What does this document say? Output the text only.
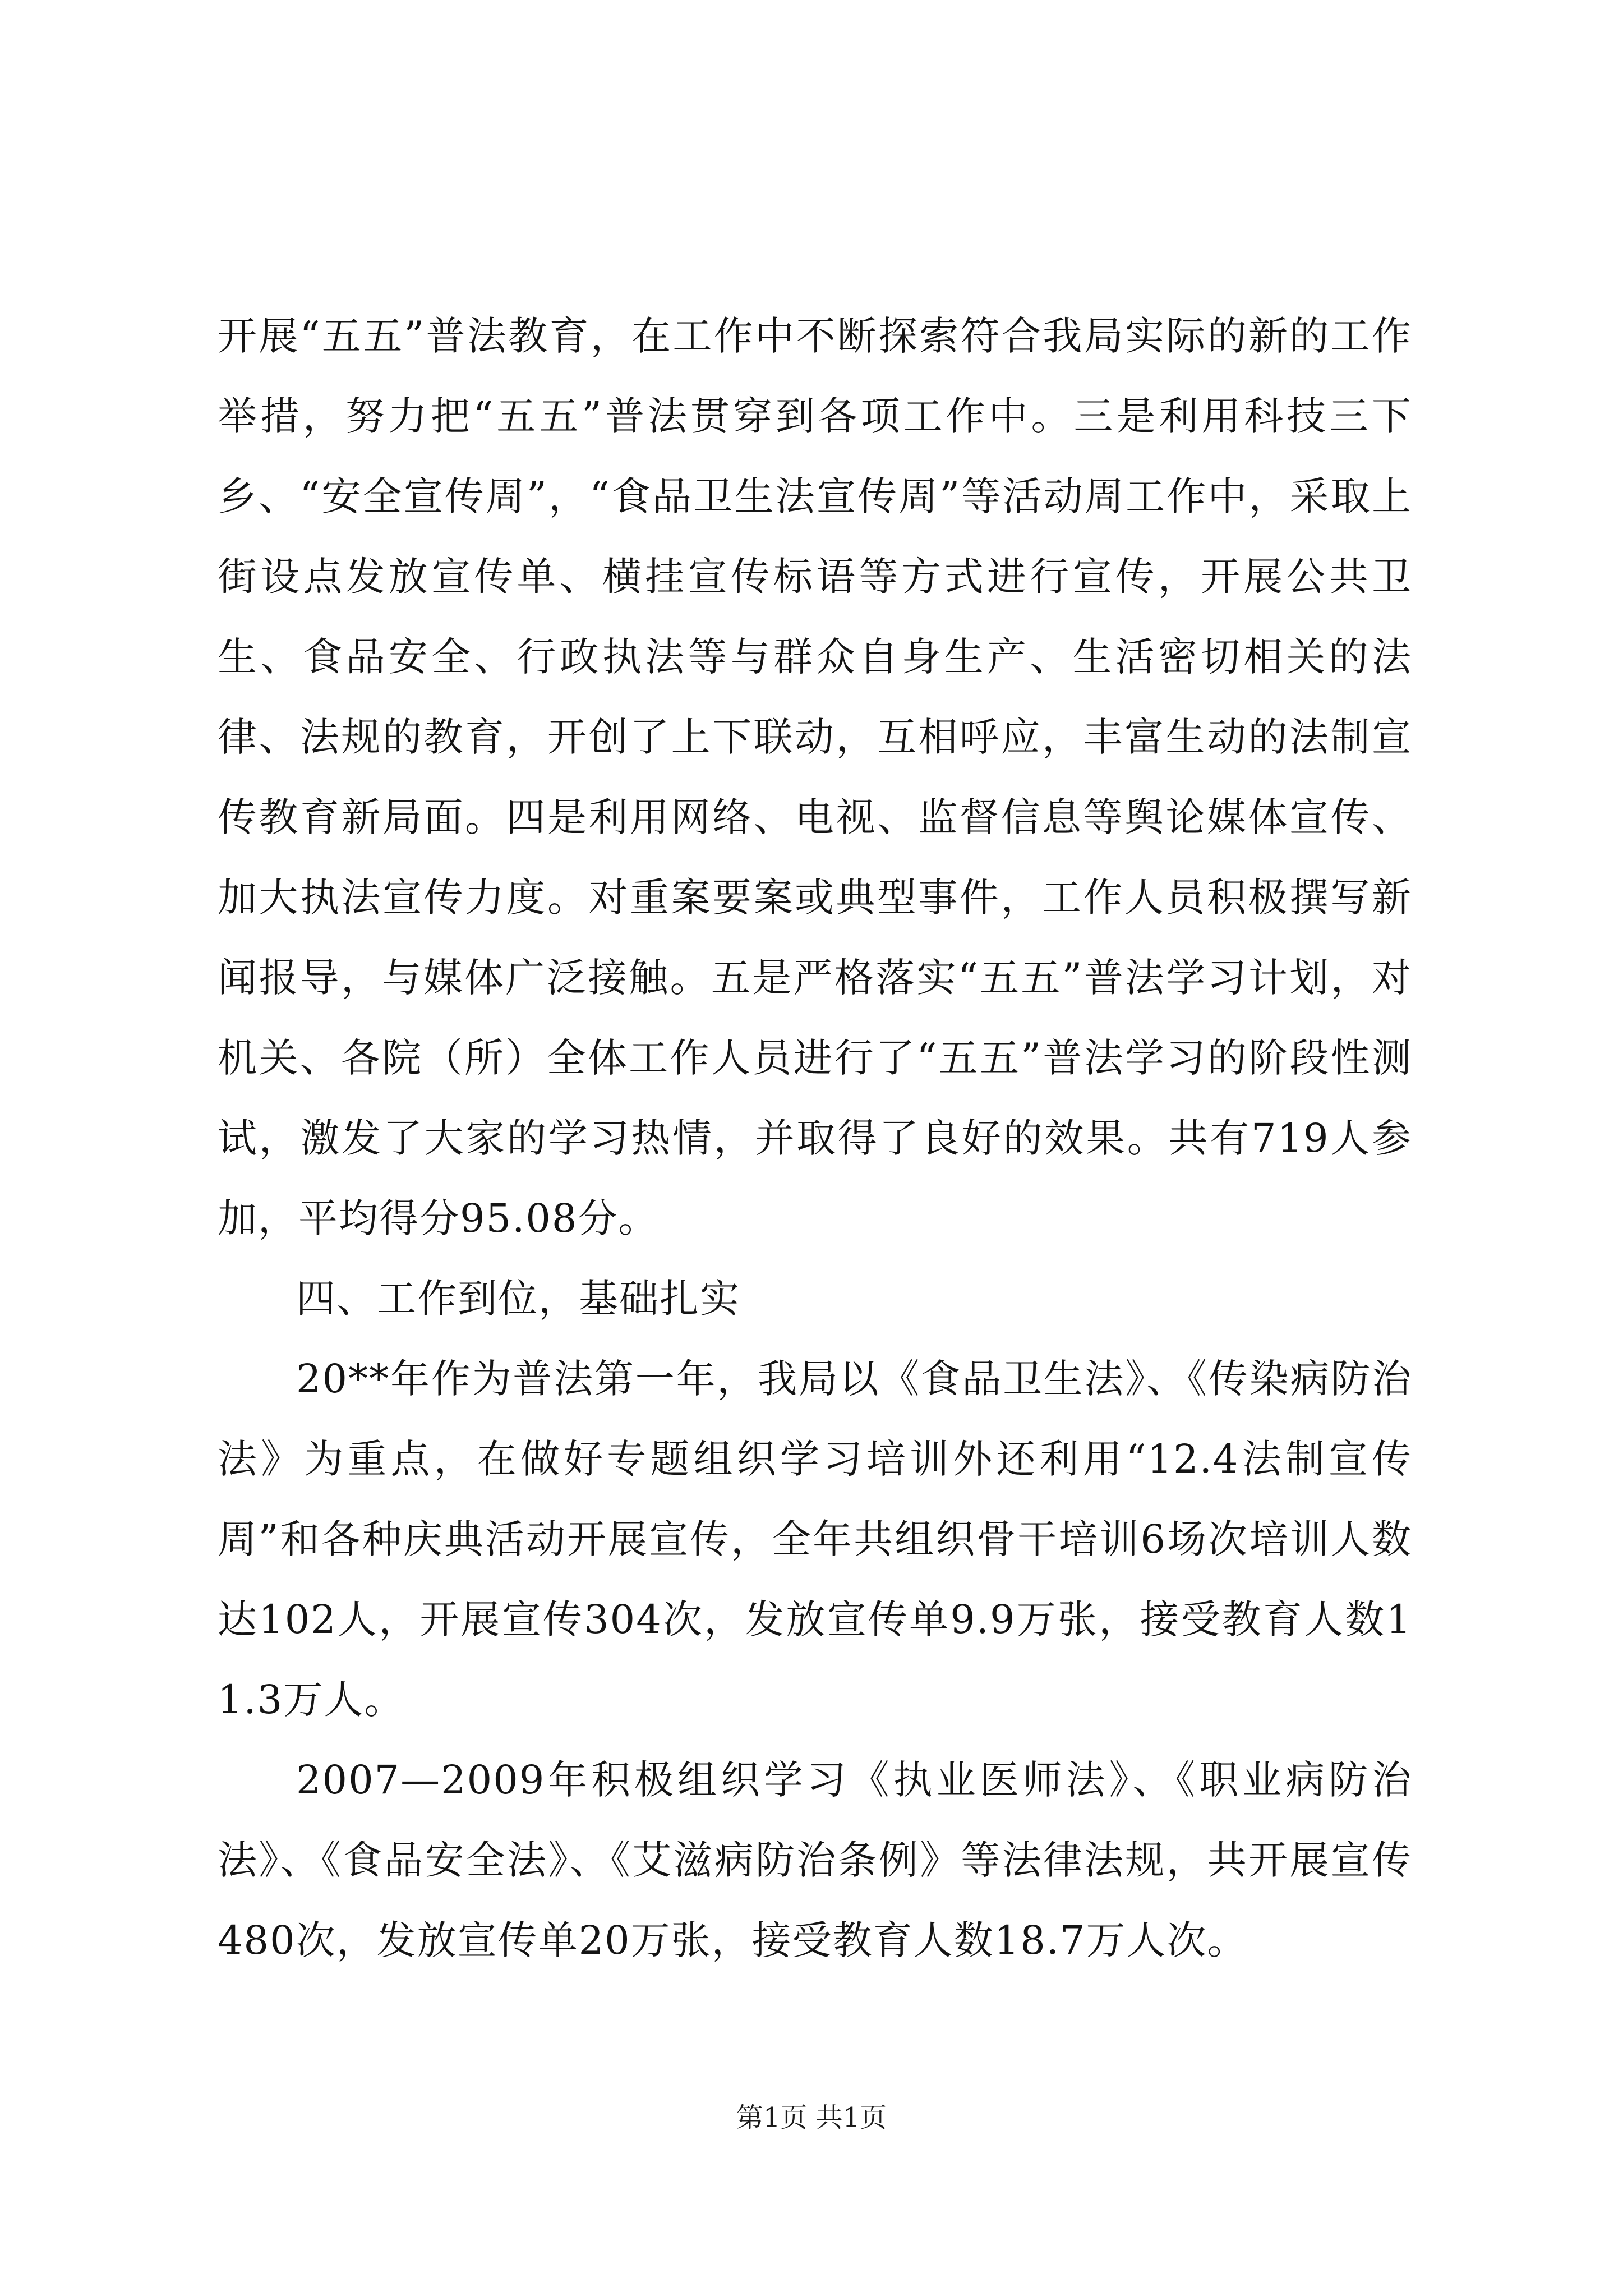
开展“五五”普法教育，在工作中不断探索符合我局实际的新的工作举措，努力把“五五”普法贯穿到各项工作中。三是利用科技三下乡、“安全宣传周”，“食品卫生法宣传周”等活动周工作中，采取上街设点发放宣传单、横挂宣传标语等方式进行宣传，开展公共卫生、食品安全、行政执法等与群众自身生产、生活密切相关的法律、法规的教育，开创了上下联动，互相呼应，丰富生动的法制宣传教育新局面。四是利用网络、电视、监督信息等舆论媒体宣传、加大执法宣传力度。对重案要案或典型事件，工作人员积极撰写新闻报导，与媒体广泛接触。五是严格落实“五五”普法学习计划，对机关、各院（所）全体工作人员进行了“五五”普法学习的阶段性测试，激发了大家的学习热情，并取得了良好的效果。共有719人参加，平均得分95.08分。

四、工作到位，基础扎实

20**年作为普法第一年，我局以《食品卫生法》、《传染病防治法》为重点，在做好专题组织学习培训外还利用“12.4法制宣传周”和各种庆典活动开展宣传，全年共组织骨干培训6场次培训人数达102人，开展宣传304次，发放宣传单9.9万张，接受教育人数11.3万人。

2007—2009年积极组织学习《执业医师法》、《职业病防治法》、《食品安全法》、《艾滋病防治条例》等法律法规，共开展宣传480次，发放宣传单20万张，接受教育人数18.7万人次。

第1页 共1页
